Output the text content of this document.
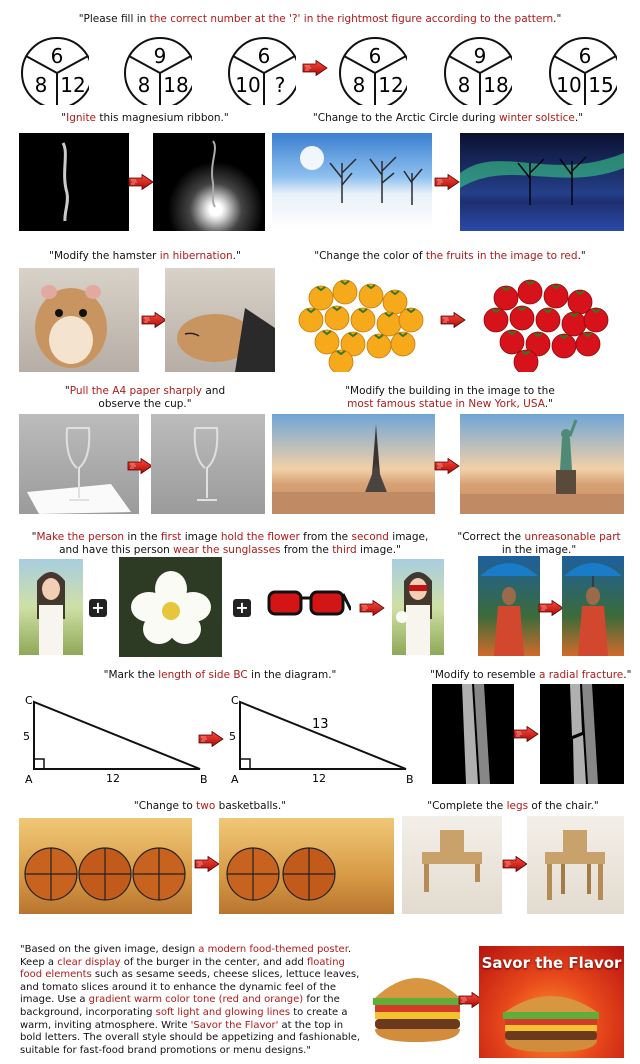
"Please fill in the correct number at the '?' in the rightmost figure according to the pattern."
6
8 12
9
8 18
6
10 ?
6
8 12
9
8 18
6
10 15
"Ignite this magnesium ribbon."	"Change to the Arctic Circle during winter solstice."
"Modify the hamster in hibernation."	"Change the color of the fruits in the image to red."
"Pull the A4 paper sharply and
observe the cup."
"Modify the building in the image to the
most famous statue in New York, USA."
"Make the person in the first image hold the flower from the second image,
and have this person wear the sunglasses from the third image."
"Correct the unreasonable part
in the image."
+	+
"Mark the length of side BC in the diagram."	"Modify to resemble a radial fracture."
C
A	B
5
12
C
A	B
5
12
13
"Change to two basketballs."	"Complete the legs of the chair."
"Based on the given image, design a modern food-themed poster. Keep a clear display of the burger in the center, and add floating food elements such as sesame seeds, cheese slices, lettuce leaves, and tomato slices around it to enhance the dynamic feel of the image. Use a gradient warm color tone (red and orange) for the background, incorporating soft light and glowing lines to create a warm, inviting atmosphere. Write 'Savor the Flavor' at the top in bold letters. The overall style should be appetizing and fashionable, suitable for fast-food brand promotions or menu designs."
Savor the Flavor
